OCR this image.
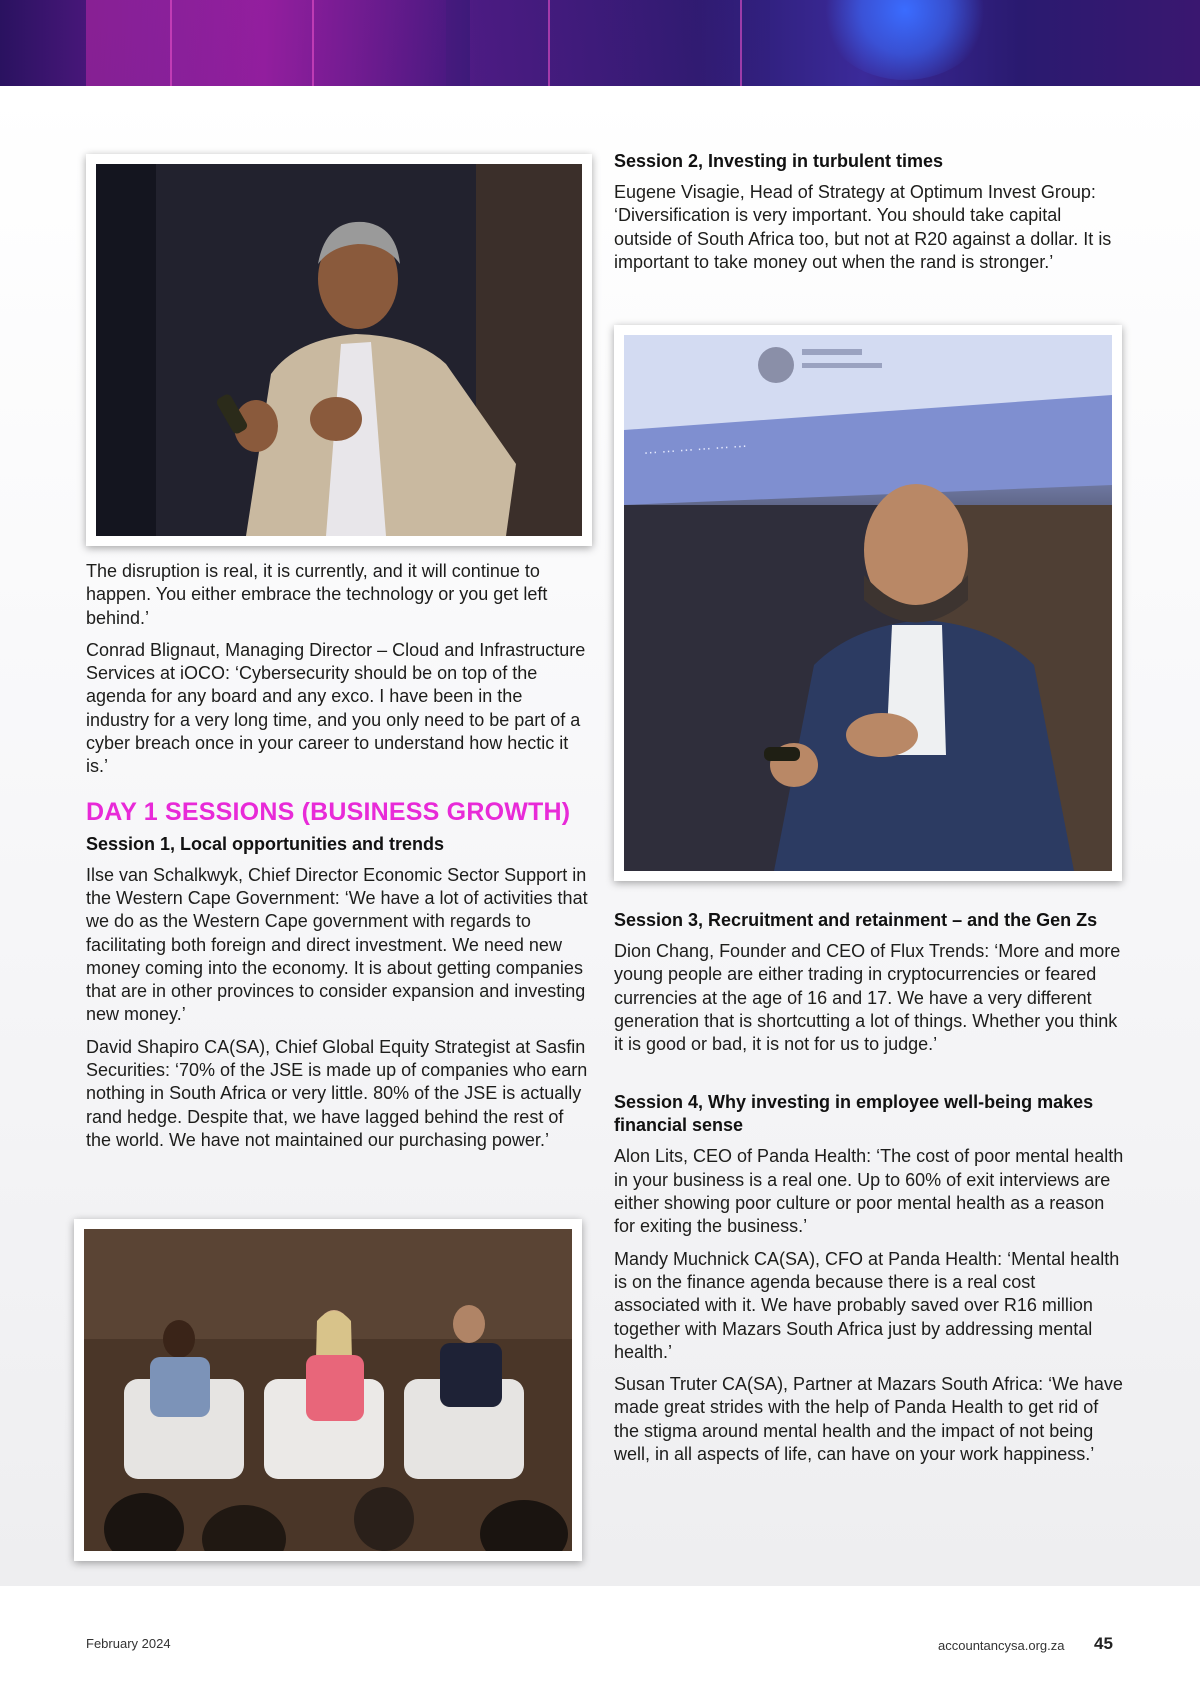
··· ··· ··· ··· ··· ···

The disruption is real, it is currently, and it will continue to happen. You either embrace the technology or you get left behind.’

Conrad Blignaut, Managing Director – Cloud and Infrastructure Services at iOCO: ‘Cybersecurity should be on top of the agenda for any board and any exco. I have been in the industry for a very long time, and you only need to be part of a cyber breach once in your career to understand how hectic it is.’

DAY 1 SESSIONS (BUSINESS GROWTH)
Session 1, Local opportunities and trends

Ilse van Schalkwyk, Chief Director Economic Sector Support in the Western Cape Government: ‘We have a lot of activities that we do as the Western Cape government with regards to facilitating both foreign and direct investment. We need new money coming into the economy. It is about getting companies that are in other provinces to consider expansion and investing new money.’

David Shapiro CA(SA), Chief Global Equity Strategist at Sasfin Securities: ‘70% of the JSE is made up of companies who earn nothing in South Africa or very little. 80% of the JSE is actually rand hedge. Despite that, we have lagged behind the rest of the world. We have not maintained our purchasing power.’

Session 2, Investing in turbulent times

Eugene Visagie, Head of Strategy at Optimum Invest Group: ‘Diversification is very important. You should take capital outside of South Africa too, but not at R20 against a dollar. It is important to take money out when the rand is stronger.’

Session 3, Recruitment and retainment – and the Gen Zs

Dion Chang, Founder and CEO of Flux Trends: ‘More and more young people are either trading in cryptocurrencies or feared currencies at the age of 16 and 17. We have a very different generation that is shortcutting a lot of things. Whether you think it is good or bad, it is not for us to judge.’

Session 4, Why investing in employee well-being makes financial sense

Alon Lits, CEO of Panda Health: ‘The cost of poor mental health in your business is a real one. Up to 60% of exit interviews are either showing poor culture or poor mental health as a reason for exiting the business.’

Mandy Muchnick CA(SA), CFO at Panda Health: ‘Mental health is on the finance agenda because there is a real cost associated with it. We have probably saved over R16 million together with Mazars South Africa just by addressing mental health.’

Susan Truter CA(SA), Partner at Mazars South Africa: ‘We have made great strides with the help of Panda Health to get rid of the stigma around mental health and the impact of not being well, in all aspects of life, can have on your work happiness.’

February 2024	accountancysa.org.za 45
